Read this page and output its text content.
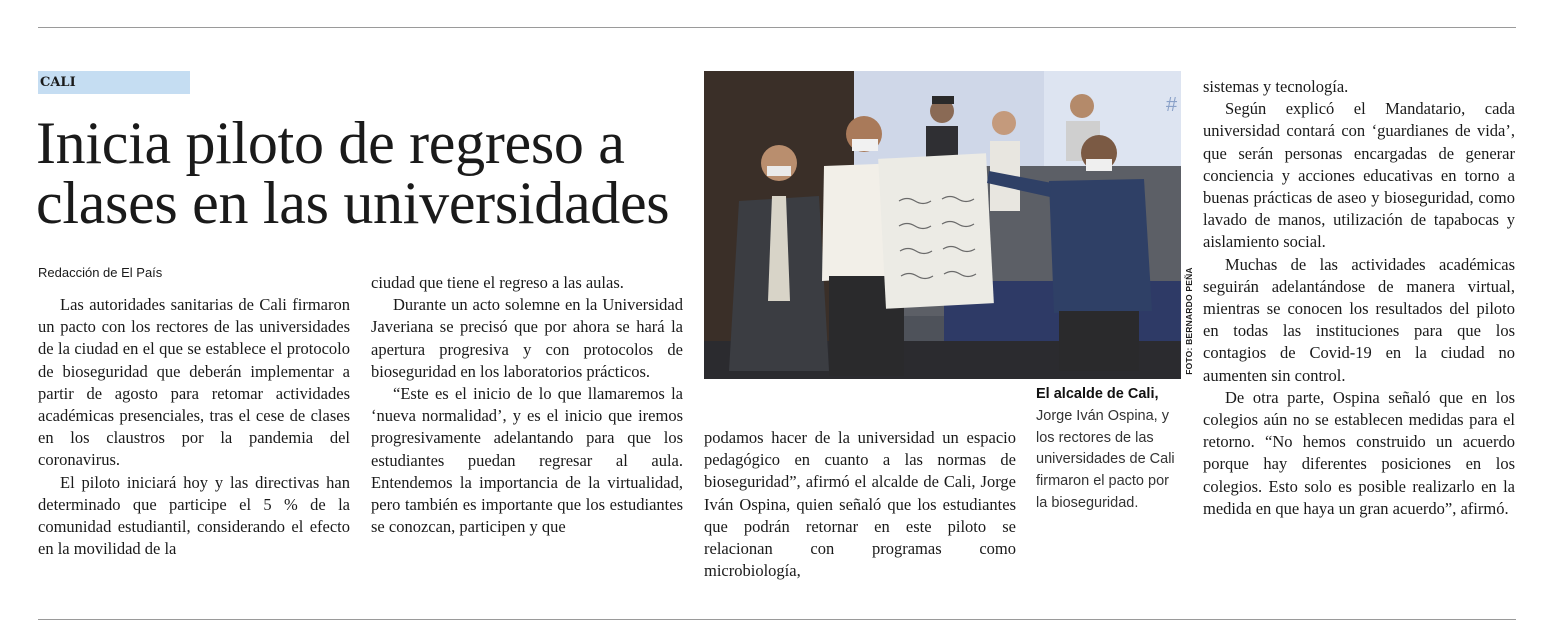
CALI
Inicia piloto de regreso a clases en las universidades
Redacción de El País

Las autoridades sanitarias de Cali firmaron un pacto con los rectores de las universidades de la ciudad en el que se establece el protocolo de bioseguridad que deberán implementar a partir de agosto para retomar actividades académicas presenciales, tras el cese de clases en los claustros por la pandemia del coronavirus.

El piloto iniciará hoy y las directivas han determinado que participe el 5 % de la comunidad estudiantil, considerando el efecto en la movilidad de la

ciudad que tiene el regreso a las aulas.

Durante un acto solemne en la Universidad Javeriana se precisó que por ahora se hará la apertura progresiva y con protocolos de bioseguridad en los laboratorios prácticos.

“Este es el inicio de lo que llamaremos la ‘nueva normalidad’, y es el inicio que iremos progresivamente adelantando para que los estudiantes puedan regresar al aula. Entendemos la importancia de la virtualidad, pero también es importante que los estudiantes se conozcan, participen y que

podamos hacer de la universidad un espacio pedagógico en cuanto a las normas de bioseguridad”, afirmó el alcalde de Cali, Jorge Iván Ospina, quien señaló que los estudiantes que podrán retornar en este piloto se relacionan con programas como microbiología,

sistemas y tecnología.

Según explicó el Mandatario, cada universidad contará con ‘guardianes de vida’, que serán personas encargadas de generar conciencia y acciones educativas en torno a buenas prácticas de aseo y bioseguridad, como lavado de manos, utilización de tapabocas y aislamiento social.

Muchas de las actividades académicas seguirán adelantándose de manera virtual, mientras se conocen los resultados del piloto en todas las instituciones para que los contagios de Covid-19 en la ciudad no aumenten sin control.

De otra parte, Ospina señaló que en los colegios aún no se establecen medidas para el retorno. “No hemos construido un acuerdo porque hay diferentes posiciones en los colegios. Esto solo es posible realizarlo en la medida en que haya un gran acuerdo”, afirmó.

#
FOTO: BERNARDO PEÑA
El alcalde de Cali, Jorge Iván Ospina, y los rectores de las universidades de Cali firmaron el pacto por la bioseguridad.
